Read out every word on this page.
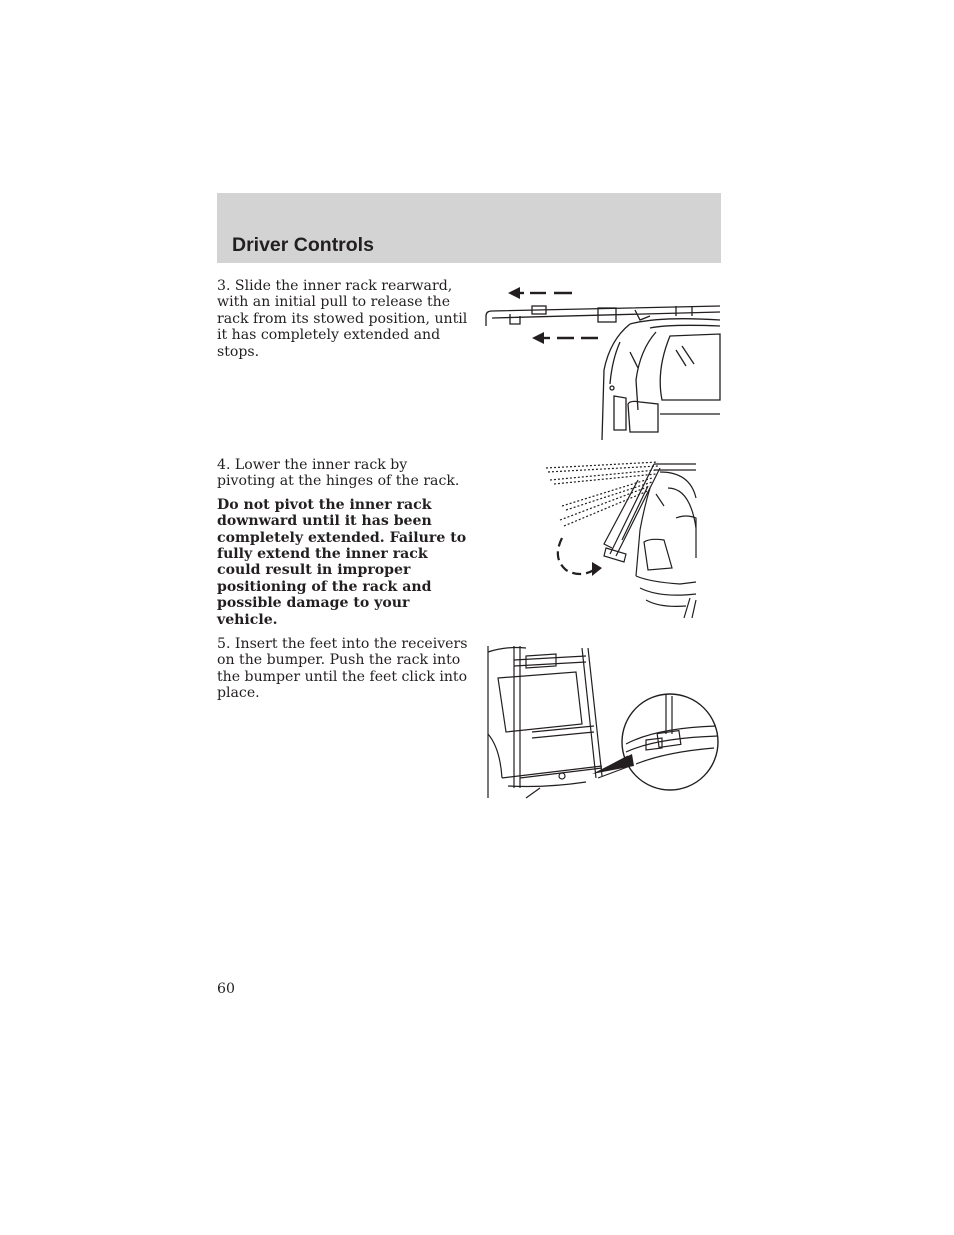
Driver Controls

3. Slide the inner rack rearward, with an initial pull to release the rack from its stowed position, until it has completely extended and stops.

4. Lower the inner rack by pivoting at the hinges of the rack.

Do not pivot the inner rack downward until it has been completely extended. Failure to fully extend the inner rack could result in improper positioning of the rack and possible damage to your vehicle.

5. Insert the feet into the receivers on the bumper. Push the rack into the bumper until the feet click into place.

60
